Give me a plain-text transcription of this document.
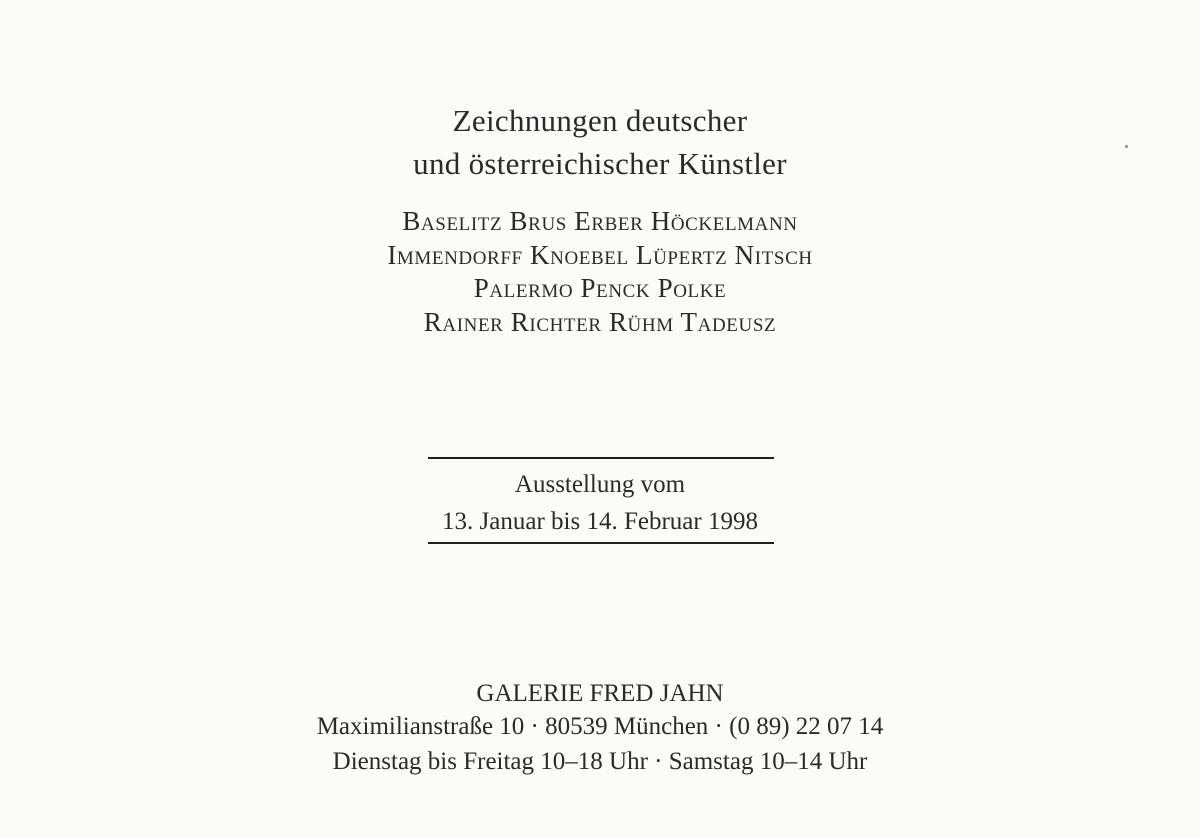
Zeichnungen deutscher
und österreichischer Künstler
Baselitz Brus Erber Höckelmann
Immendorff Knoebel Lüpertz Nitsch
Palermo Penck Polke
Rainer Richter Rühm Tadeusz
Ausstellung vom
13. Januar bis 14. Februar 1998
GALERIE FRED JAHN
Maximilianstraße 10 · 80539 München · (0 89) 22 07 14
Dienstag bis Freitag 10–18 Uhr · Samstag 10–14 Uhr
